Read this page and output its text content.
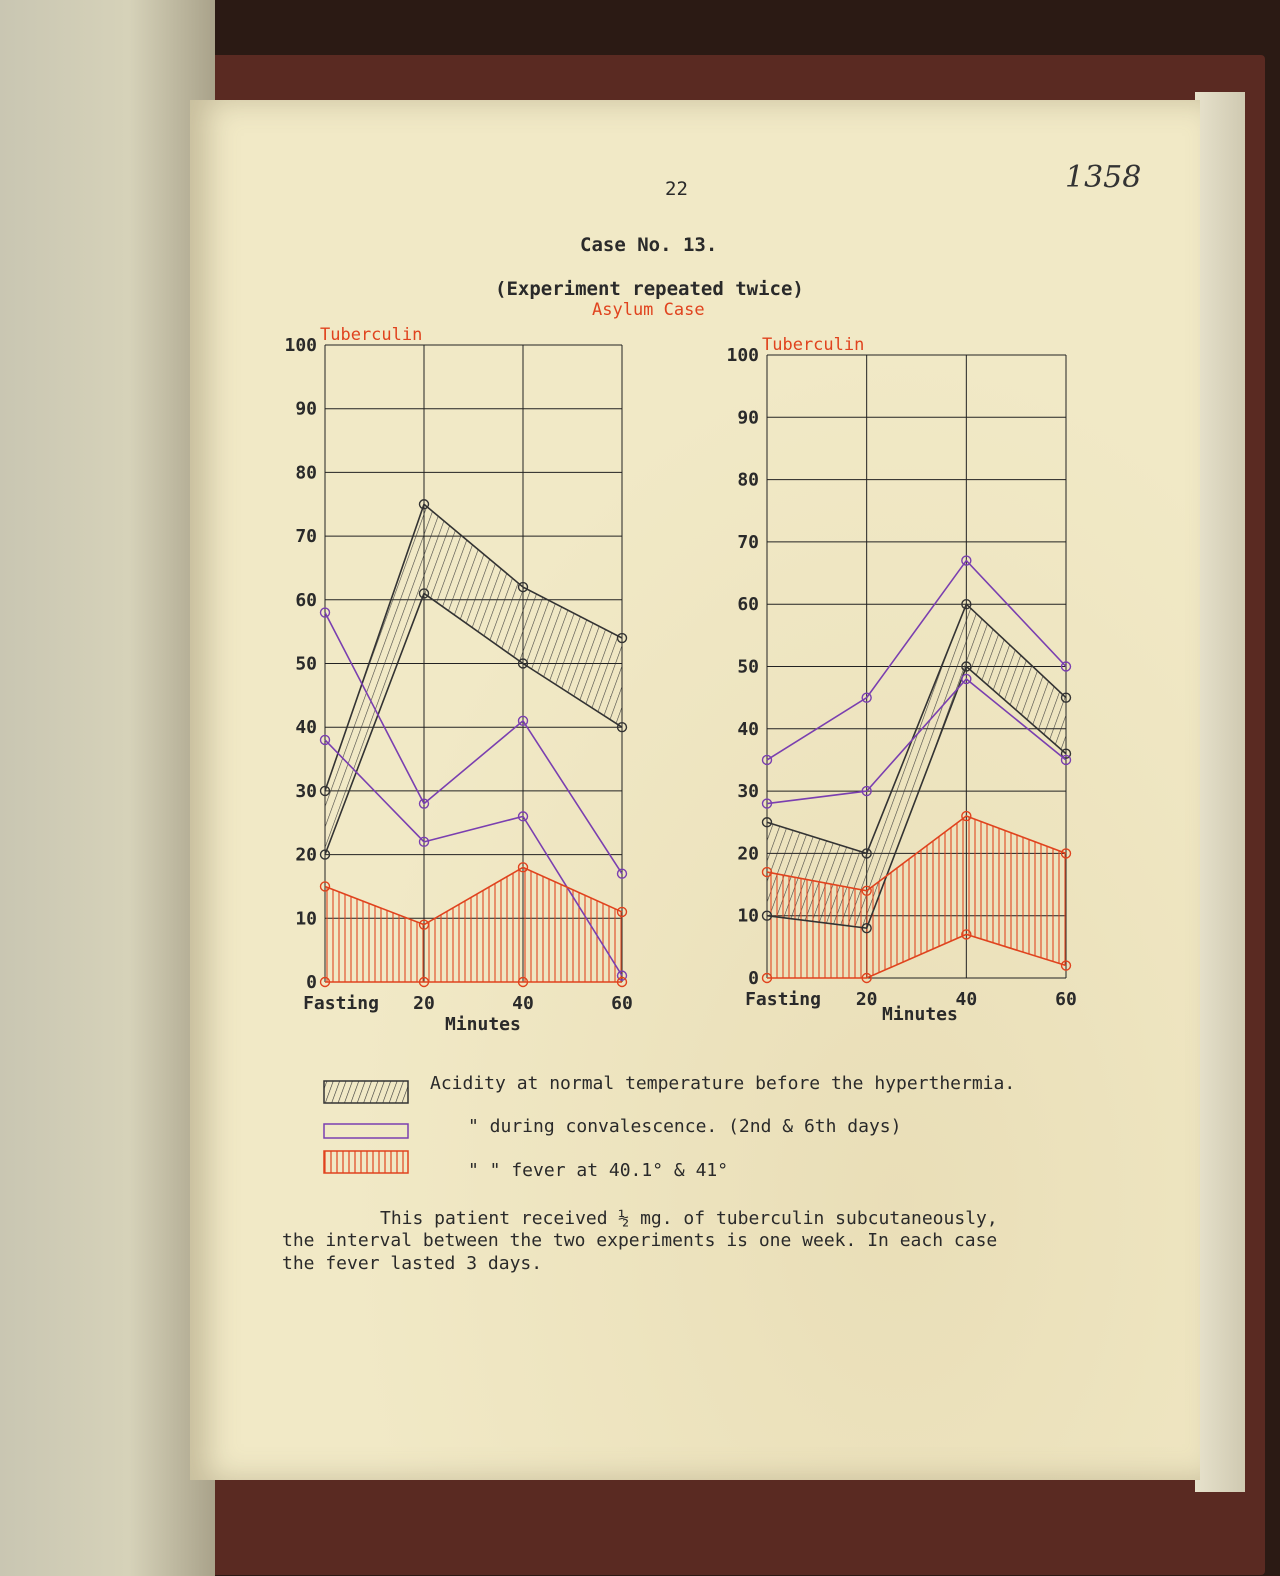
22	1358
Case No. 13.
(Experiment repeated twice)
Asylum Case
0
10
20
30
40
50
60
70
80
90
100
Fasting 20	40	60
Minutes
Tuberculin
0
10
20
30
40
50
60
70
80
90
100
Fasting 20	40	60
Minutes
Tuberculin
Acidity at normal temperature before the hyperthermia.
" during convalescence. (2nd & 6th days)
" " fever at 40.1° & 41°
This patient received ½ mg. of tuberculin subcutaneously,
the interval between the two experiments is one week. In each case
the fever lasted 3 days.
